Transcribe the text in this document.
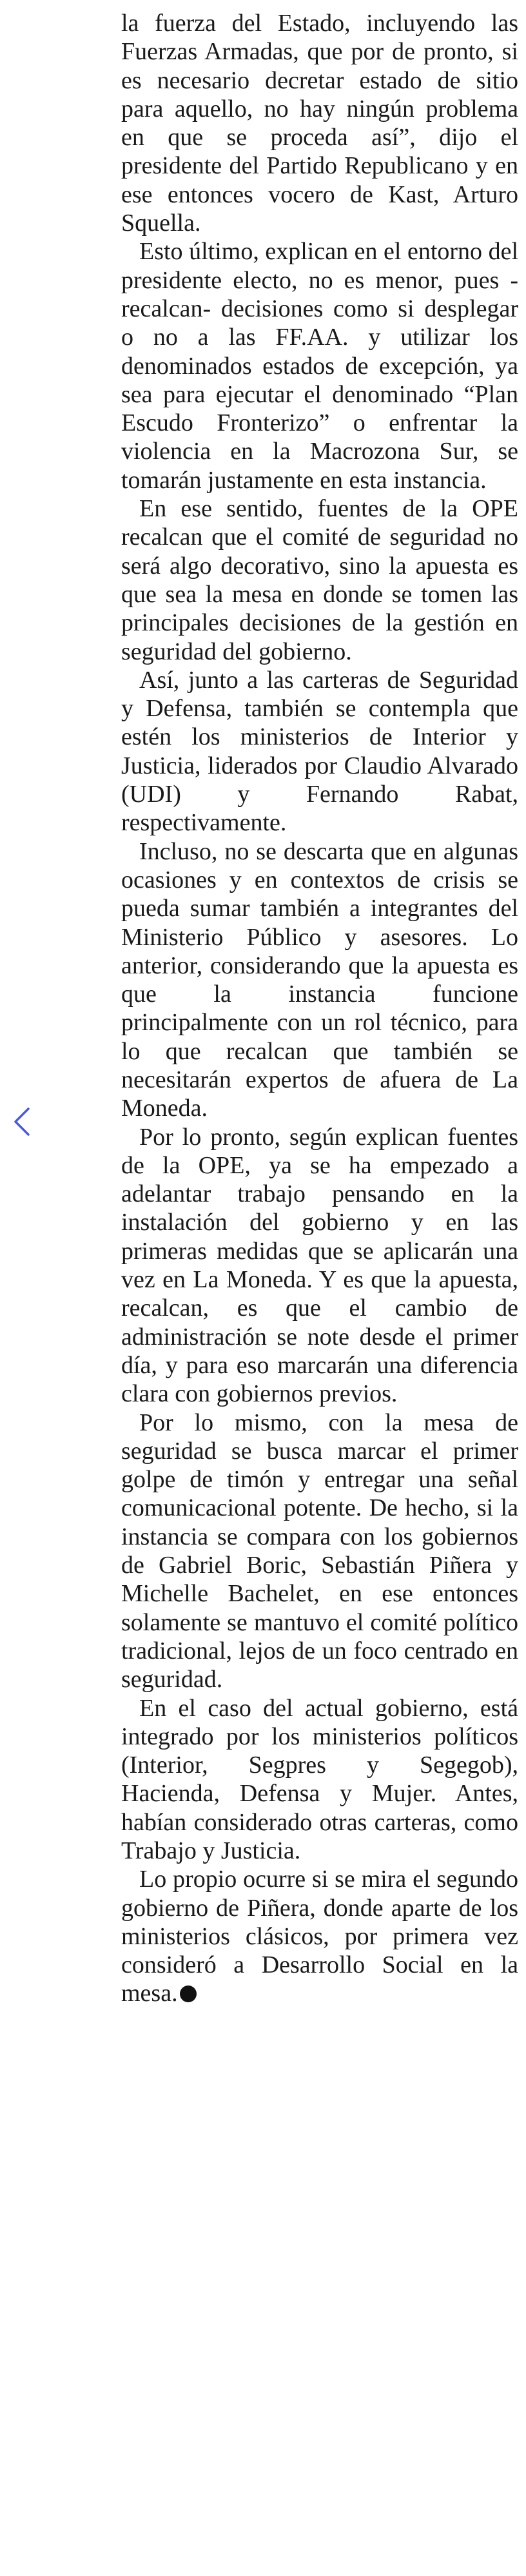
la fuerza del Estado, incluyendo las Fuerzas Armadas, que por de pronto, si es necesario decretar estado de sitio para aquello, no hay ningún problema en que se proceda así”, dijo el presidente del Partido Republicano y en ese entonces vocero de Kast, Arturo Squella.

Esto último, explican en el entorno del presidente electo, no es menor, pues -recalcan- decisiones como si desplegar o no a las FF.AA. y utilizar los denominados estados de excepción, ya sea para ejecutar el denominado “Plan Escudo Fronterizo” o enfrentar la violencia en la Macrozona Sur, se tomarán justamente en esta instancia.

En ese sentido, fuentes de la OPE recalcan que el comité de seguridad no será algo decorativo, sino la apuesta es que sea la mesa en donde se tomen las principales decisiones de la gestión en seguridad del gobierno.

Así, junto a las carteras de Seguridad y Defensa, también se contempla que estén los ministerios de Interior y Justicia, liderados por Claudio Alvarado (UDI) y Fernando Rabat, respectivamente.

Incluso, no se descarta que en algunas ocasiones y en contextos de crisis se pueda sumar también a integrantes del Ministerio Público y asesores. Lo anterior, considerando que la apuesta es que la instancia funcione principalmente con un rol técnico, para lo que recalcan que también se necesitarán expertos de afuera de La Moneda.

Por lo pronto, según explican fuentes de la OPE, ya se ha empezado a adelantar trabajo pensando en la instalación del gobierno y en las primeras medidas que se aplicarán una vez en La Moneda. Y es que la apuesta, recalcan, es que el cambio de administración se note desde el primer día, y para eso marcarán una diferencia clara con gobiernos previos.

Por lo mismo, con la mesa de seguridad se busca marcar el primer golpe de timón y entregar una señal comunicacional potente. De hecho, si la instancia se compara con los gobiernos de Gabriel Boric, Sebastián Piñera y Michelle Bachelet, en ese entonces solamente se mantuvo el comité político tradicional, lejos de un foco centrado en seguridad.

En el caso del actual gobierno, está integrado por los ministerios políticos (Interior, Segpres y Segegob), Hacienda, Defensa y Mujer. Antes, habían considerado otras carteras, como Trabajo y Justicia.

Lo propio ocurre si se mira el segundo gobierno de Piñera, donde aparte de los ministerios clásicos, por primera vez consideró a Desarrollo Social en la mesa.
